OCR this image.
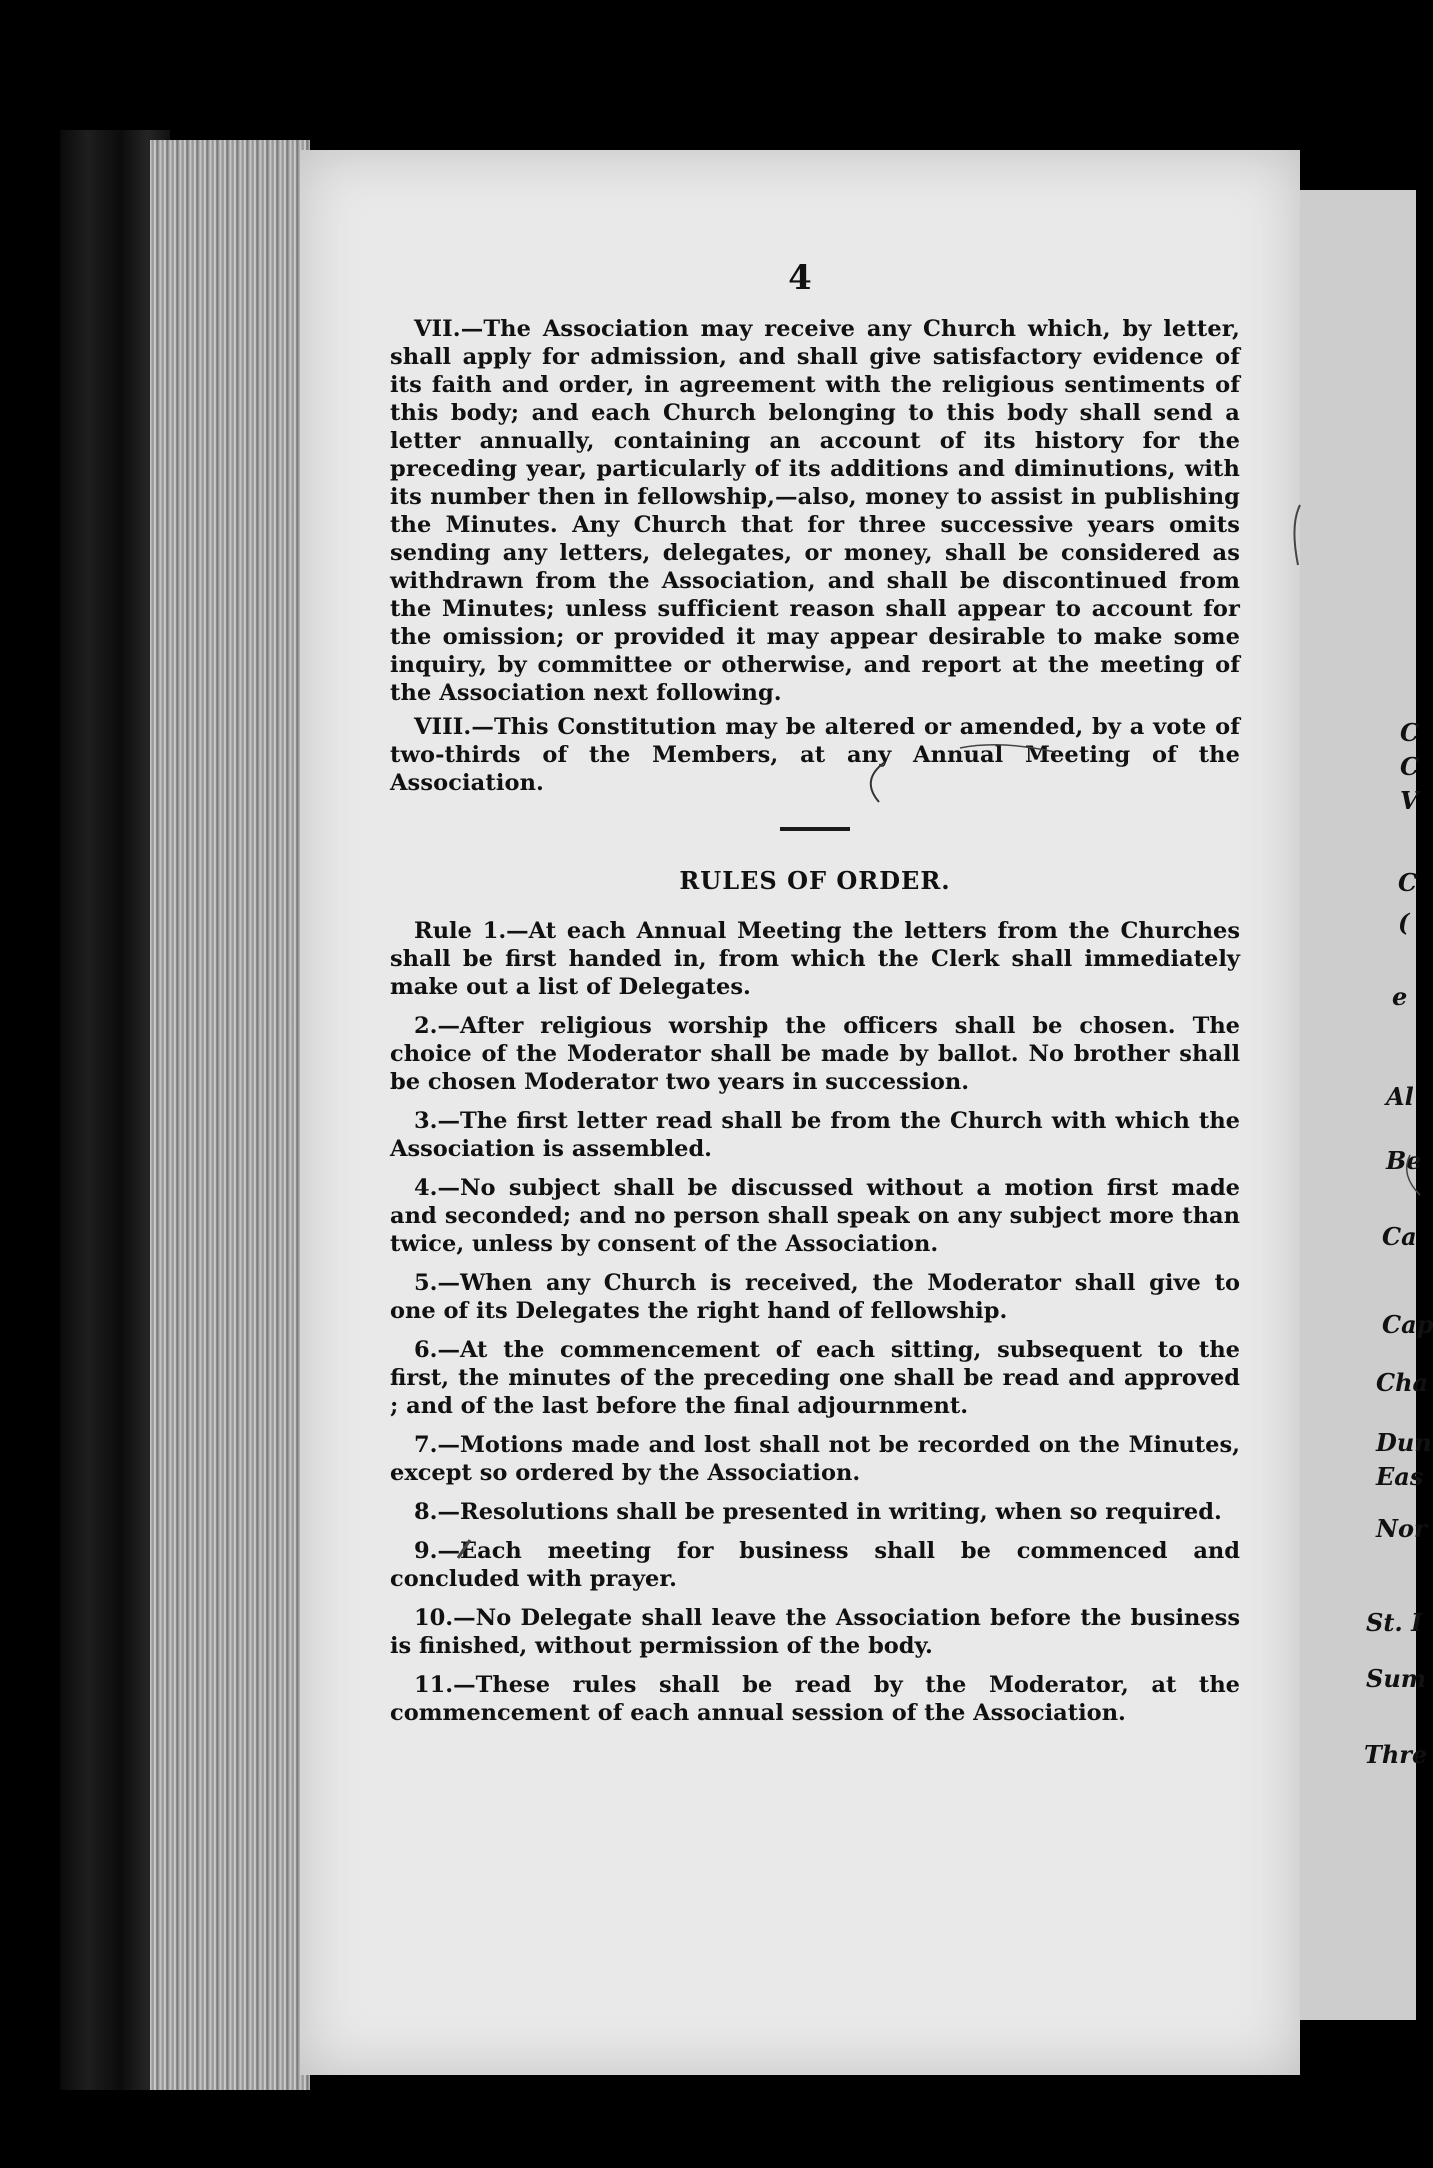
C
C
V
C
(
e
Al
Be
Ca
Cap
Cha
Dun
Eas
Nor
St. I
Sum
Thre
4

VII.—The Association may receive any Church which, by letter, shall apply for admission, and shall give satisfactory evidence of its faith and order, in agreement with the religious sentiments of this body; and each Church belonging to this body shall send a letter annually, containing an account of its history for the preceding year, particularly of its additions and diminutions, with its number then in fellowship,—also, money to assist in publishing the Minutes. Any Church that for three successive years omits sending any letters, delegates, or money, shall be considered as withdrawn from the Association, and shall be discontinued from the Minutes; unless sufficient reason shall appear to account for the omission; or provided it may appear desirable to make some inquiry, by committee or otherwise, and report at the meeting of the Association next following.

VIII.—This Constitution may be altered or amended, by a vote of two-thirds of the Members, at any Annual Meeting of the Association.

RULES OF ORDER.

Rule 1.—At each Annual Meeting the letters from the Churches shall be first handed in, from which the Clerk shall immediately make out a list of Delegates.

2.—After religious worship the officers shall be chosen. The choice of the Moderator shall be made by ballot. No brother shall be chosen Moderator two years in succession.

3.—The first letter read shall be from the Church with which the Association is assembled.

4.—No subject shall be discussed without a motion first made and seconded; and no person shall speak on any subject more than twice, unless by consent of the Association.

5.—When any Church is received, the Moderator shall give to one of its Delegates the right hand of fellowship.

6.—At the commencement of each sitting, subsequent to the first, the minutes of the preceding one shall be read and approved ; and of the last before the final adjournment.

7.—Motions made and lost shall not be recorded on the Minutes, except so ordered by the Association.

8.—Resolutions shall be presented in writing, when so required.

9.—Each meeting for business shall be commenced and concluded with prayer.

10.—No Delegate shall leave the Association before the business is finished, without permission of the body.

11.—These rules shall be read by the Moderator, at the commencement of each annual session of the Association.
